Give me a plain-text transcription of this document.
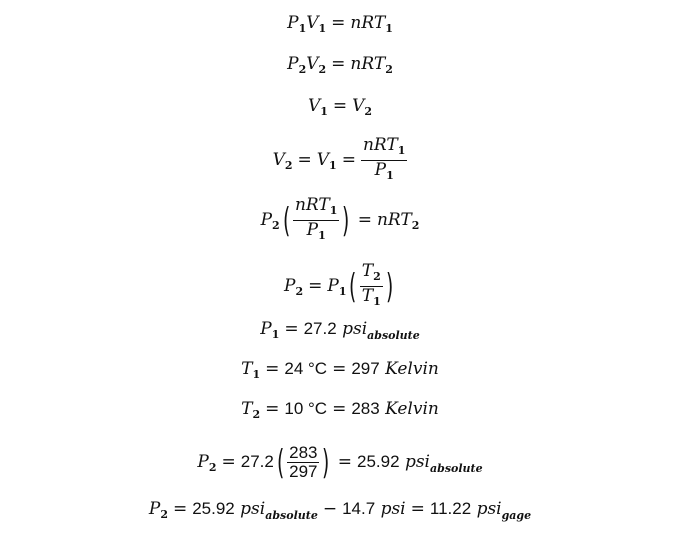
$P_1V_1 = nRT_1$
$P_2V_2 = nRT_2$
$V_1 = V_2$
$V_2 = V_1 = \frac{nRT_1}{P_1}$
$P_2( \frac{nRT_1}{P_1}$ ) = nRT$_2$
$P_2 = P_1( \frac{T_2}{T_1}$ )
$P_1 = 27.2$ psi$_{absolute}$
$T_1 = 24$ °C = 297 Kelvin
$T_2 = 10$ °C = 283 Kelvin
$P_2 = 27.2( \frac{283}{297}$ ) = 25.92 psi$_{absolute}$
$P_2 = 25.92$ psi$_{absolute}$ − 14.7 psi = 11.22 psi$_{gage}$
